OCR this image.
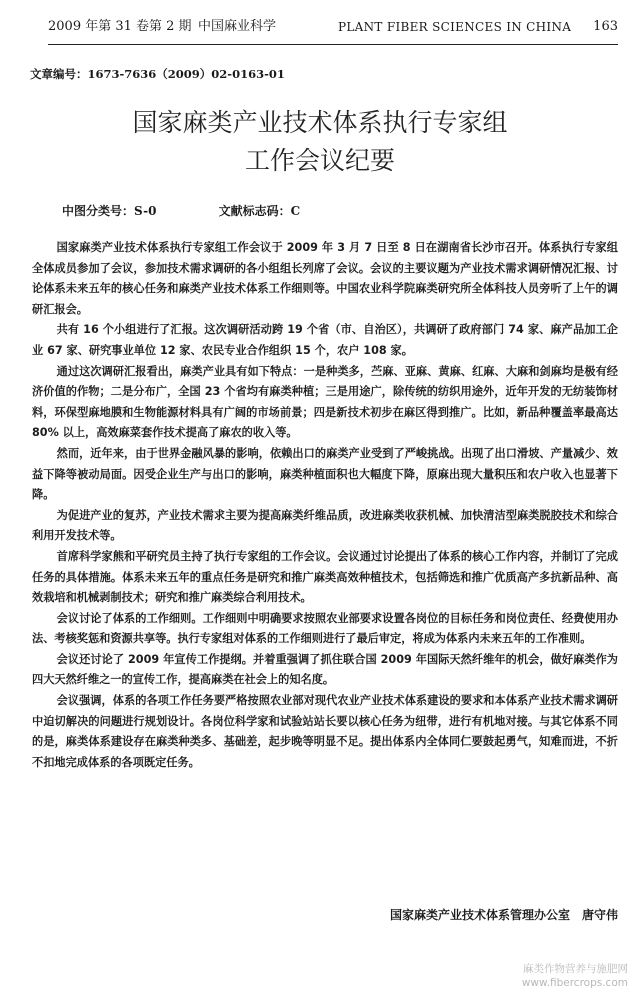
2009 年第 31 卷第 2 期 中国麻业科学	PLANT FIBER SCIENCES IN CHINA 163
文章编号：1673-7636（2009）02-0163-01
国家麻类产业技术体系执行专家组
工作会议纪要
中图分类号：S-0	文献标志码：C

国家麻类产业技术体系执行专家组工作会议于 2009 年 3 月 7 日至 8 日在湖南省长沙市召开。体系执行专家组全体成员参加了会议，参加技术需求调研的各小组组长列席了会议。会议的主要议题为产业技术需求调研情况汇报、讨论体系未来五年的核心任务和麻类产业技术体系工作细则等。中国农业科学院麻类研究所全体科技人员旁听了上午的调研汇报会。

共有 16 个小组进行了汇报。这次调研活动跨 19 个省（市、自治区），共调研了政府部门 74 家、麻产品加工企业 67 家、研究事业单位 12 家、农民专业合作组织 15 个，农户 108 家。

通过这次调研汇报看出，麻类产业具有如下特点：一是种类多，苎麻、亚麻、黄麻、红麻、大麻和剑麻均是极有经济价值的作物；二是分布广，全国 23 个省均有麻类种植；三是用途广，除传统的纺织用途外，近年开发的无纺装饰材料，环保型麻地膜和生物能源材料具有广阔的市场前景；四是新技术初步在麻区得到推广。比如，新品种覆盖率最高达 80% 以上，高效麻菜套作技术提高了麻农的收入等。

然而，近年来，由于世界金融风暴的影响，依赖出口的麻类产业受到了严峻挑战。出现了出口滑坡、产量减少、效益下降等被动局面。因受企业生产与出口的影响，麻类种植面积也大幅度下降，原麻出现大量积压和农户收入也显著下降。

为促进产业的复苏，产业技术需求主要为提高麻类纤维品质，改进麻类收获机械、加快清洁型麻类脱胶技术和综合利用开发技术等。

首席科学家熊和平研究员主持了执行专家组的工作会议。会议通过讨论提出了体系的核心工作内容，并制订了完成任务的具体措施。体系未来五年的重点任务是研究和推广麻类高效种植技术，包括筛选和推广优质高产多抗新品种、高效栽培和机械剥制技术；研究和推广麻类综合利用技术。

会议讨论了体系的工作细则。工作细则中明确要求按照农业部要求设置各岗位的目标任务和岗位责任、经费使用办法、考核奖惩和资源共享等。执行专家组对体系的工作细则进行了最后审定，将成为体系内未来五年的工作准则。

会议还讨论了 2009 年宣传工作提纲。并着重强调了抓住联合国 2009 年国际天然纤维年的机会，做好麻类作为四大天然纤维之一的宣传工作，提高麻类在社会上的知名度。

会议强调，体系的各项工作任务要严格按照农业部对现代农业产业技术体系建设的要求和本体系产业技术需求调研中迫切解决的问题进行规划设计。各岗位科学家和试验站站长要以核心任务为纽带，进行有机地对接。与其它体系不同的是，麻类体系建设存在麻类种类多、基础差，起步晚等明显不足。提出体系内全体同仁要鼓起勇气，知难而进，不折不扣地完成体系的各项既定任务。

国家麻类产业技术体系管理办公室　唐守伟
麻类作物营养与施肥网
www.fibercrops.com
